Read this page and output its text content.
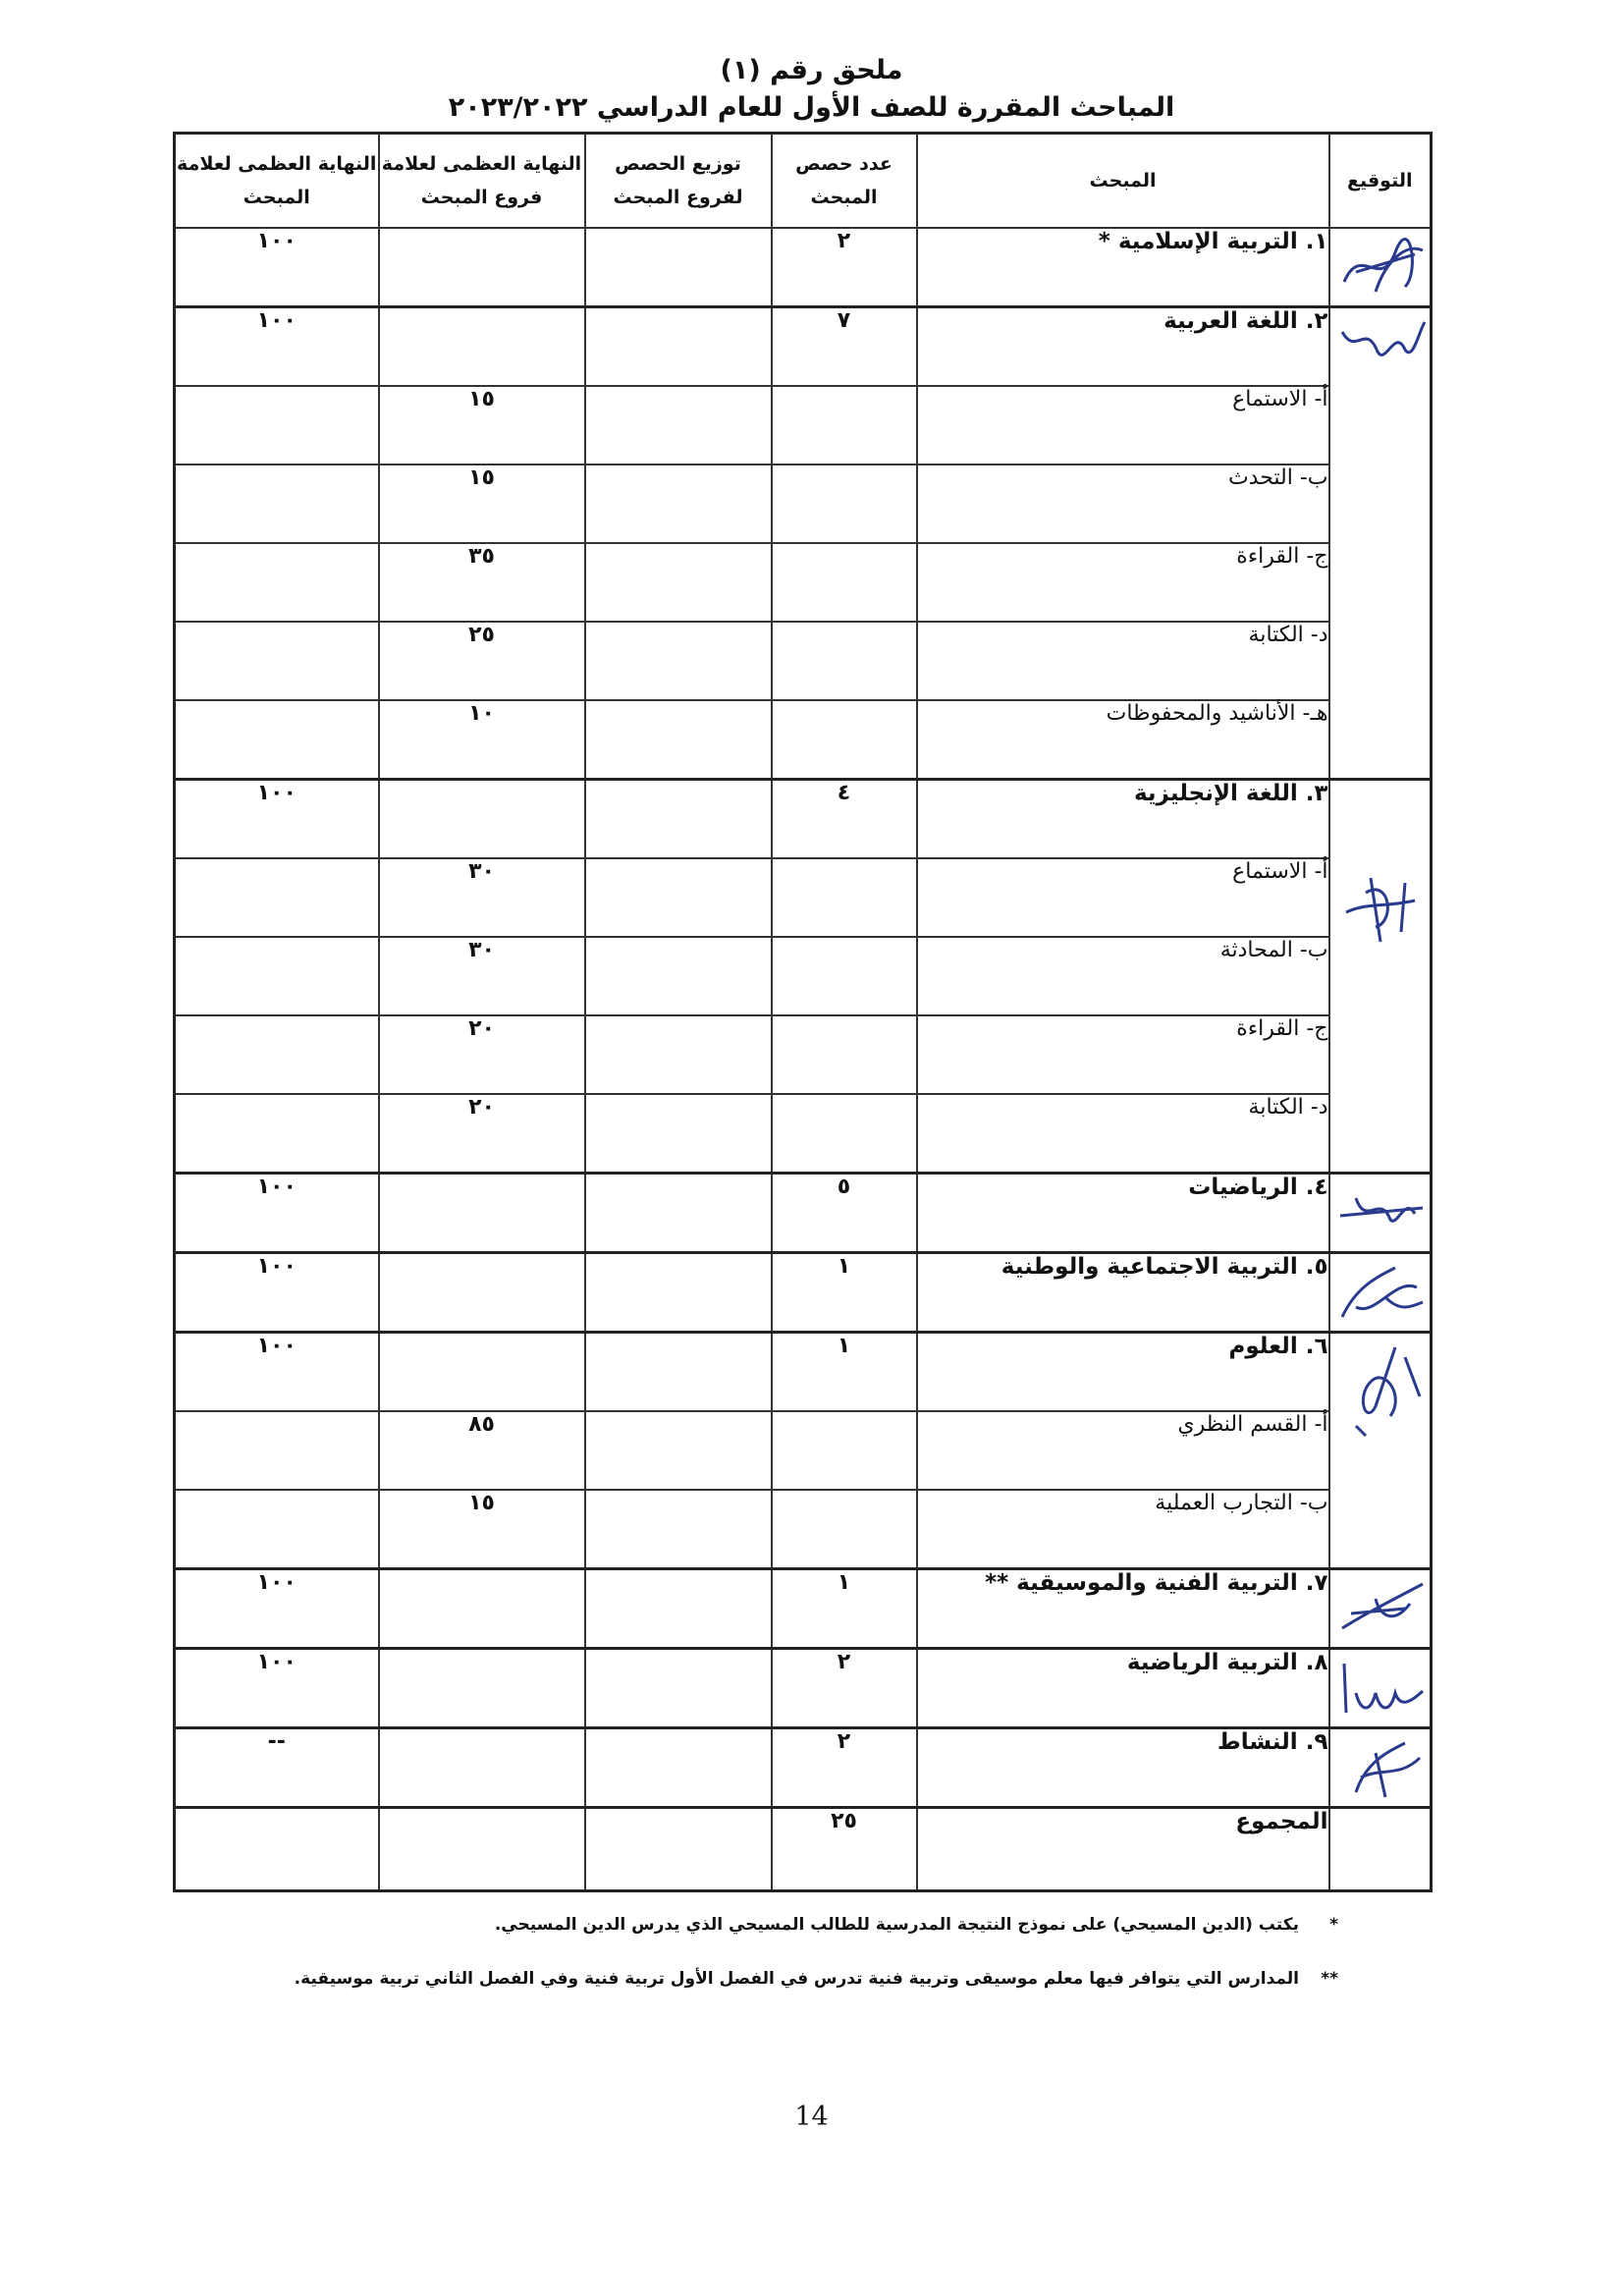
ملحق رقم (١)
المباحث المقررة للصف الأول للعام الدراسي ٢٠٢٣/٢٠٢٢
التوقيع	المبحث	عدد حصص المبحث	توزيع الحصص لفروع المبحث	النهاية العظمى لعلامة فروع المبحث	النهاية العظمى لعلامة المبحث

	١. التربية الإسلامية *	٢			١٠٠

	٢. اللغة العربية	٧			١٠٠
	أ- الاستماع			١٥	
	ب- التحدث			١٥	
	ج- القراءة			٣٥	
	د- الكتابة			٢٥	
	هـ- الأناشيد والمحفوظات			١٠	

	٣. اللغة الإنجليزية	٤			١٠٠
	أ- الاستماع			٣٠	
	ب- المحادثة			٣٠	
	ج- القراءة			٢٠	
	د- الكتابة			٢٠	

	٤. الرياضيات	٥			١٠٠

	٥. التربية الاجتماعية والوطنية	١			١٠٠

	٦. العلوم	١			١٠٠
	أ- القسم النظري			٨٥	
	ب- التجارب العملية			١٥	

	٧. التربية الفنية والموسيقية **	١			١٠٠

	٨. التربية الرياضية	٢			١٠٠

	٩. النشاط	٢			--
	المجموع	٢٥			
*يكتب (الدين المسيحي) على نموذج النتيجة المدرسية للطالب المسيحي الذي يدرس الدين المسيحي.
**المدارس التي يتوافر فيها معلم موسيقى وتربية فنية تدرس في الفصل الأول تربية فنية وفي الفصل الثاني تربية موسيقية.
14
